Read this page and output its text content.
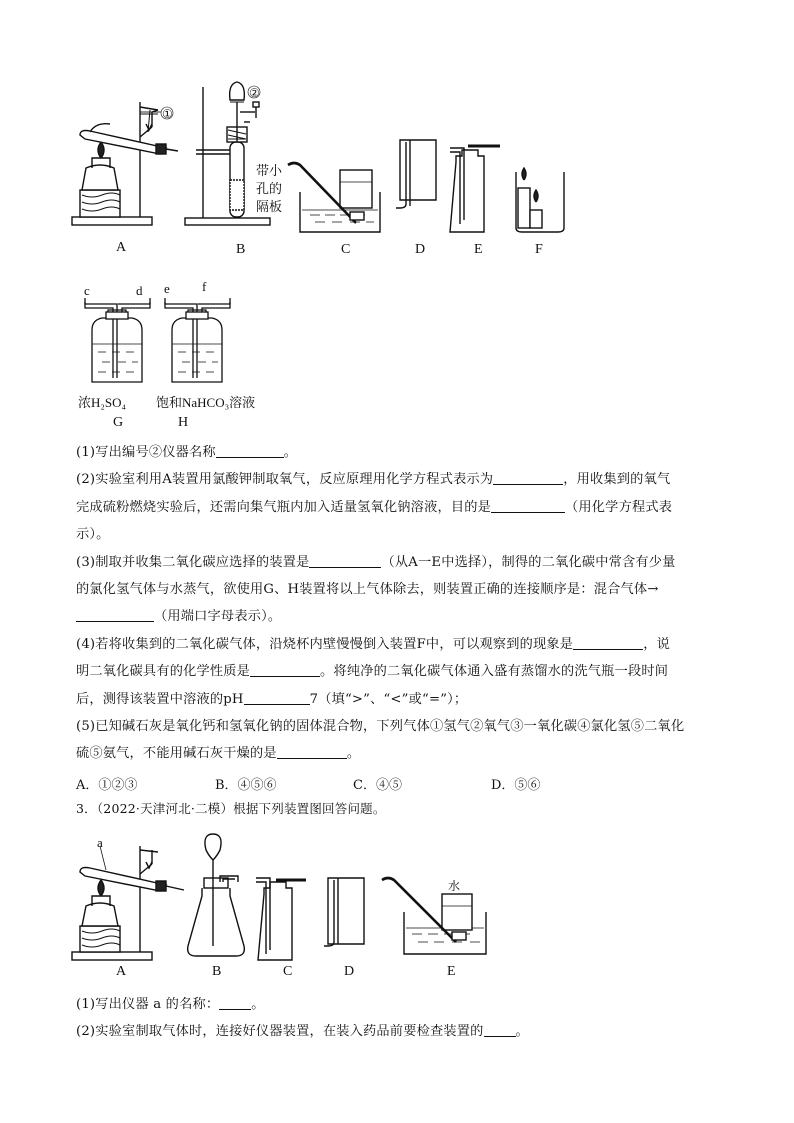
①
②
带小
孔的
隔板
A	B	C	D	E	F
c	d e f
浓H₂SO₄ 饱和NaHCO₃溶液
G	H
(1)写出编号②仪器名称	。
(2)实验室利用A装置用氯酸钾制取氧气，反应原理用化学方程式表示为	，用收集到的氧气
完成硫粉燃烧实验后，还需向集气瓶内加入适量氢氧化钠溶液，目的是	（用化学方程式表
示）。
(3)制取并收集二氧化碳应选择的装置是	（从A一E中选择），制得的二氧化碳中常含有少量
的氯化氢气体与水蒸气，欲使用G、H装置将以上气体除去，则装置正确的连接顺序是：混合气体→
（用端口字母表示）。
(4)若将收集到的二氧化碳气体，沿烧杯内壁慢慢倒入装置F中，可以观察到的现象是	，说
明二氧化碳具有的化学性质是	。将纯净的二氧化碳气体通入盛有蒸馏水的洗气瓶一段时间
后，测得该装置中溶液的pH	7（填“>”、“<”或“=”）；
(5)已知碱石灰是氧化钙和氢氧化钠的固体混合物，下列气体①氢气②氧气③一氧化碳④氯化氢⑤二氧化
硫⑤氨气，不能用碱石灰干燥的是	。
A．①②③	B．④⑤⑥	C．④⑤	D．⑤⑥
3．（2022·天津河北·二模）根据下列装置图回答问题。
a
水
A	B	C	D	E
(1)写出仪器 a 的名称： 。
(2)实验室制取气体时，连接好仪器装置，在装入药品前要检查装置的 。
